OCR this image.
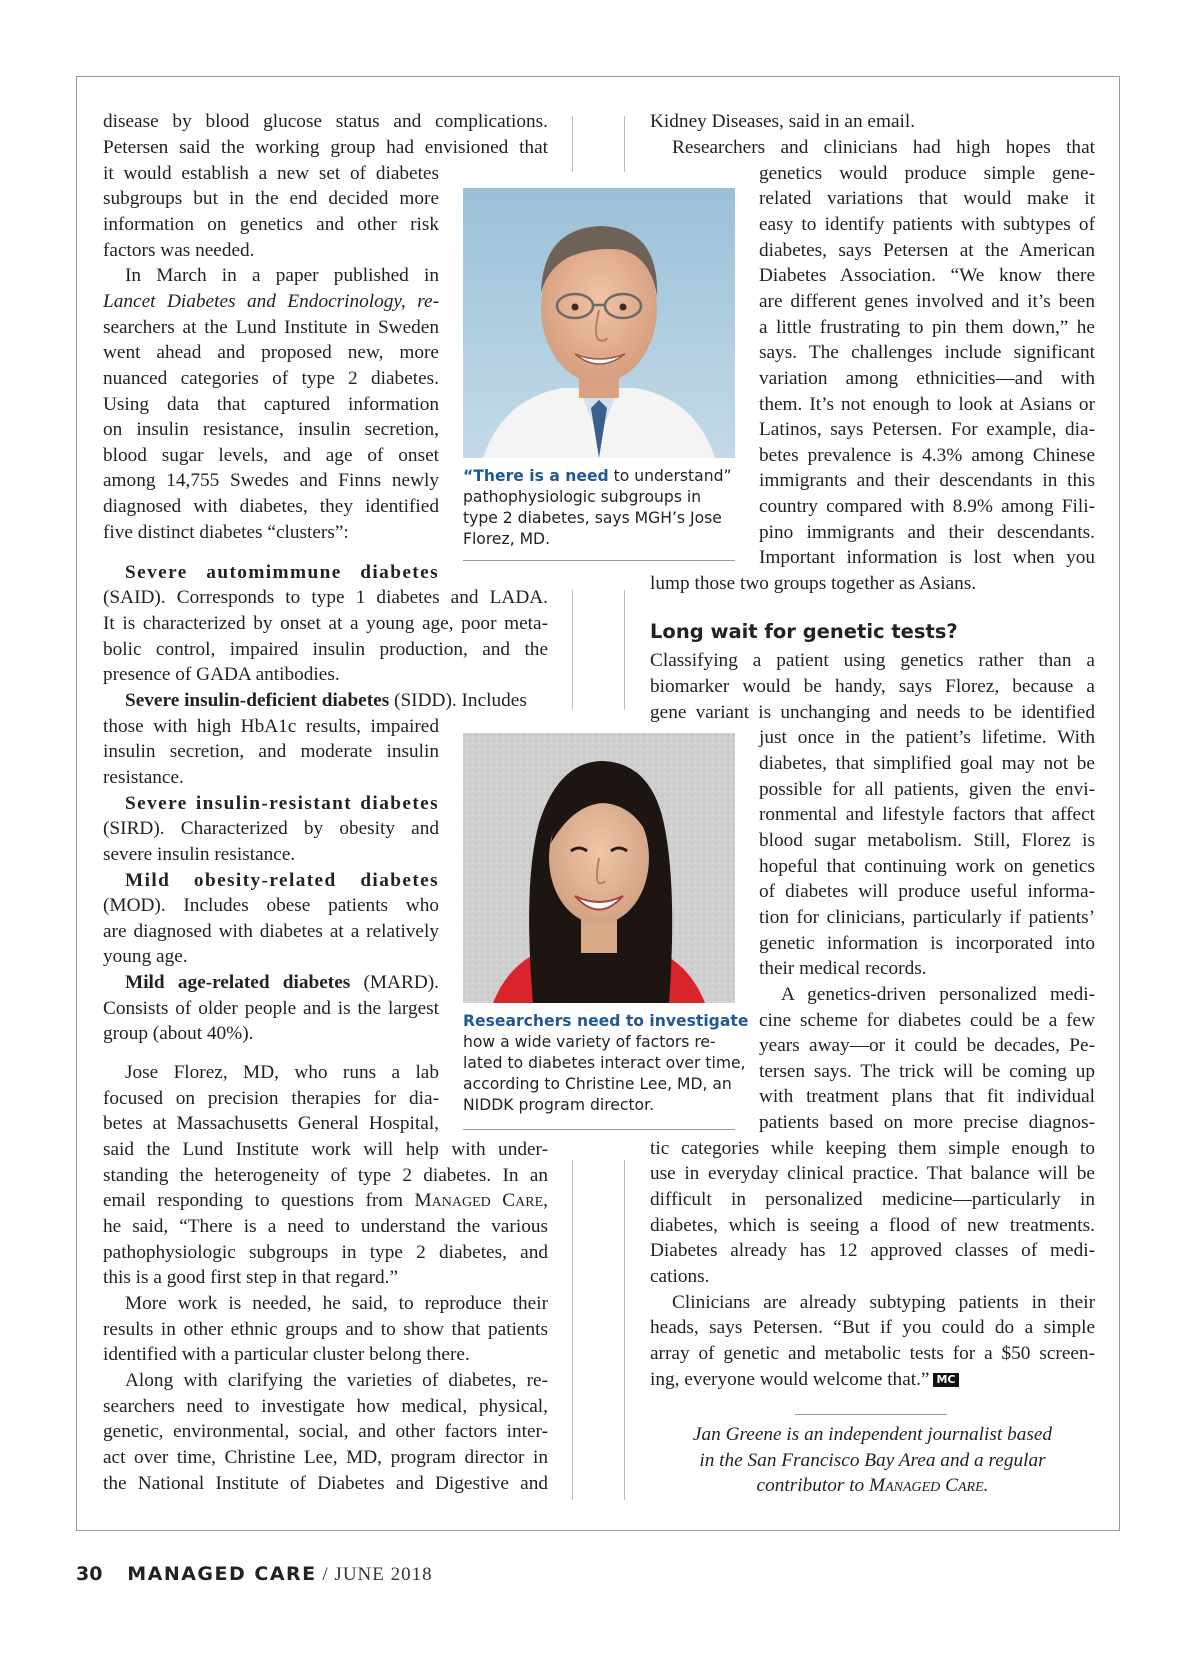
disease by blood glucose status and complications.
Petersen said the working group had envisioned that
it would establish a new set of diabetes
subgroups but in the end decided more
information on genetics and other risk
factors was needed.
In March in a paper published in
Lancet Diabetes and Endocrinology, re-
searchers at the Lund Institute in Sweden
went ahead and proposed new, more
nuanced categories of type 2 diabetes.
Using data that captured information
on insulin resistance, insulin secretion,
blood sugar levels, and age of onset
among 14,755 Swedes and Finns newly
diagnosed with diabetes, they identified
five distinct diabetes “clusters”:
Severe automimmune diabetes
(SAID). Corresponds to type 1 diabetes and LADA.
It is characterized by onset at a young age, poor meta-
bolic control, impaired insulin production, and the
presence of GADA antibodies.
Severe insulin-deficient diabetes (SIDD). Includes
those with high HbA1c results, impaired
insulin secretion, and moderate insulin
resistance.
Severe insulin-resistant diabetes
(SIRD). Characterized by obesity and
severe insulin resistance.
Mild obesity-related diabetes
(MOD). Includes obese patients who
are diagnosed with diabetes at a relatively
young age.
Mild age-related diabetes (MARD).
Consists of older people and is the largest
group (about 40%).
Jose Florez, MD, who runs a lab
focused on precision therapies for dia-
betes at Massachusetts General Hospital,
said the Lund Institute work will help with under-
standing the heterogeneity of type 2 diabetes. In an
email responding to questions from Managed Care,
he said, “There is a need to understand the various
pathophysiologic subgroups in type 2 diabetes, and
this is a good first step in that regard.”
More work is needed, he said, to reproduce their
results in other ethnic groups and to show that patients
identified with a particular cluster belong there.
Along with clarifying the varieties of diabetes, re-
searchers need to investigate how medical, physical,
genetic, environmental, social, and other factors inter-
act over time, Christine Lee, MD, program director in
the National Institute of Diabetes and Digestive and
“There is a need to understand”
pathophysiologic subgroups in
type 2 diabetes, says MGH’s Jose
Florez, MD.
Researchers need to investigate
how a wide variety of factors re-
lated to diabetes interact over time,
according to Christine Lee, MD, an
NIDDK program director.
Kidney Diseases, said in an email.
Researchers and clinicians had high hopes that
genetics would produce simple gene-
related variations that would make it
easy to identify patients with subtypes of
diabetes, says Petersen at the American
Diabetes Association. “We know there
are different genes involved and it’s been
a little frustrating to pin them down,” he
says. The challenges include significant
variation among ethnicities—and with
them. It’s not enough to look at Asians or
Latinos, says Petersen. For example, dia-
betes prevalence is 4.3% among Chinese
immigrants and their descendants in this
country compared with 8.9% among Fili-
pino immigrants and their descendants.
Important information is lost when you
lump those two groups together as Asians.
Long wait for genetic tests?
Classifying a patient using genetics rather than a
biomarker would be handy, says Florez, because a
gene variant is unchanging and needs to be identified
just once in the patient’s lifetime. With
diabetes, that simplified goal may not be
possible for all patients, given the envi-
ronmental and lifestyle factors that affect
blood sugar metabolism. Still, Florez is
hopeful that continuing work on genetics
of diabetes will produce useful informa-
tion for clinicians, particularly if patients’
genetic information is incorporated into
their medical records.
A genetics-driven personalized medi-
cine scheme for diabetes could be a few
years away—or it could be decades, Pe-
tersen says. The trick will be coming up
with treatment plans that fit individual
patients based on more precise diagnos-
tic categories while keeping them simple enough to
use in everyday clinical practice. That balance will be
difficult in personalized medicine—particularly in
diabetes, which is seeing a flood of new treatments.
Diabetes already has 12 approved classes of medi-
cations.
Clinicians are already subtyping patients in their
heads, says Petersen. “But if you could do a simple
array of genetic and metabolic tests for a $50 screen-
ing, everyone would welcome that.” MC
Jan Greene is an independent journalist based
in the San Francisco Bay Area and a regular
contributor to Managed Care.
30 MANAGED CARE / JUNE 2018
